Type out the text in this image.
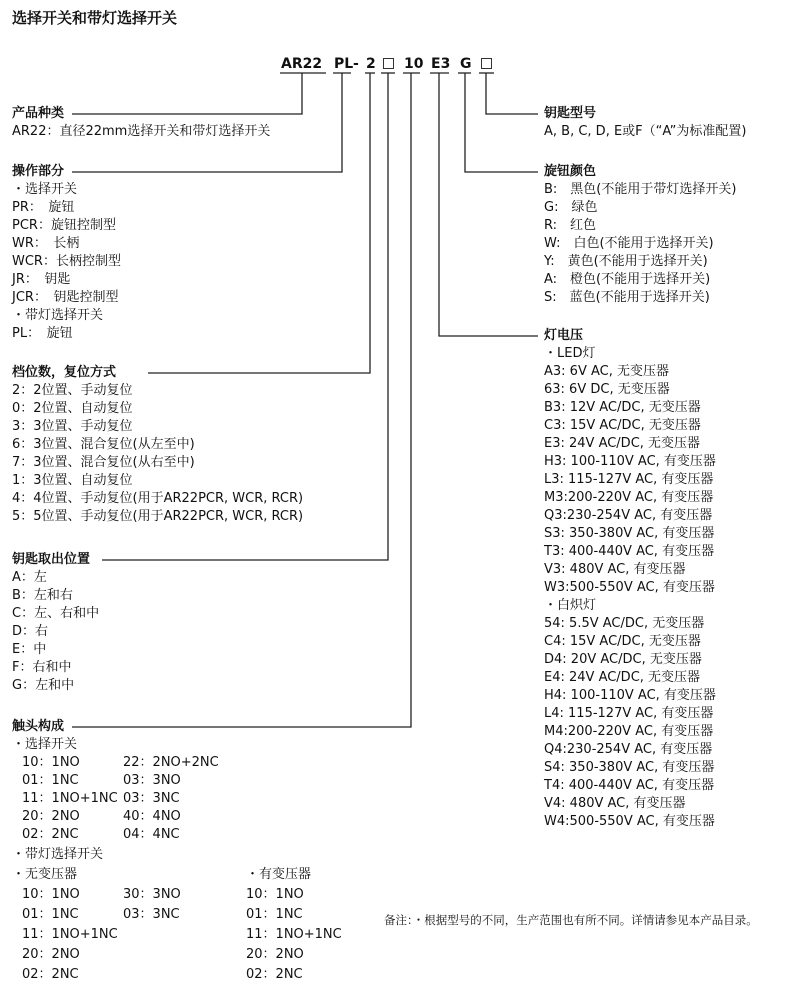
选择开关和带灯选择开关
AR22 PL - 2 10 E3 G
产品种类
AR22：直径22mm选择开关和带灯选择开关
操作部分
・选择开关
PR：　旋钮
PCR：旋钮控制型
WR：　长柄
WCR：长柄控制型
JR：　钥匙
JCR：　钥匙控制型
・带灯选择开关
PL：　旋钮
档位数，复位方式
2：2位置、手动复位
0：2位置、自动复位
3：3位置、手动复位
6：3位置、混合复位(从左至中)
7：3位置、混合复位(从右至中)
1：3位置、自动复位
4：4位置、手动复位(用于AR22PCR, WCR, RCR)
5：5位置、手动复位(用于AR22PCR, WCR, RCR)
钥匙取出位置
A：左
B：左和右
C：左、右和中
D：右
E：中
F：右和中
G：左和中
触头构成
・选择开关
10：1NO
01：1NC
11：1NO+1NC
20：2NO
02：2NC
22：2NO+2NC
03：3NO
03：3NC
40：4NO
04：4NC
・带灯选择开关
・无变压器
10：1NO
01：1NC
11：1NO+1NC
20：2NO
02：2NC
30：3NO
03：3NC
・有变压器
10：1NO
01：1NC
11：1NO+1NC
20：2NO
02：2NC
钥匙型号
A, B, C, D, E或F（“A”为标准配置)
旋钮颜色
B:　黑色(不能用于带灯选择开关)
G:　绿色
R:　红色
W:　白色(不能用于选择开关)
Y:　黄色(不能用于选择开关)
A:　橙色(不能用于选择开关)
S:　蓝色(不能用于选择开关)
灯电压
・LED灯
A3: 6V AC, 无变压器
63: 6V DC, 无变压器
B3: 12V AC/DC, 无变压器
C3: 15V AC/DC, 无变压器
E3: 24V AC/DC, 无变压器
H3: 100-110V AC, 有变压器
L3: 115-127V AC, 有变压器
M3:200-220V AC, 有变压器
Q3:230-254V AC, 有变压器
S3: 350-380V AC, 有变压器
T3: 400-440V AC, 有变压器
V3: 480V AC, 有变压器
W3:500-550V AC, 有变压器
・白炽灯
54: 5.5V AC/DC, 无变压器
C4: 15V AC/DC, 无变压器
D4: 20V AC/DC, 无变压器
E4: 24V AC/DC, 无变压器
H4: 100-110V AC, 有变压器
L4: 115-127V AC, 有变压器
M4:200-220V AC, 有变压器
Q4:230-254V AC, 有变压器
S4: 350-380V AC, 有变压器
T4: 400-440V AC, 有变压器
V4: 480V AC, 有变压器
W4:500-550V AC, 有变压器
备注：・根据型号的不同，生产范围也有所不同。详情请参见本产品目录。
